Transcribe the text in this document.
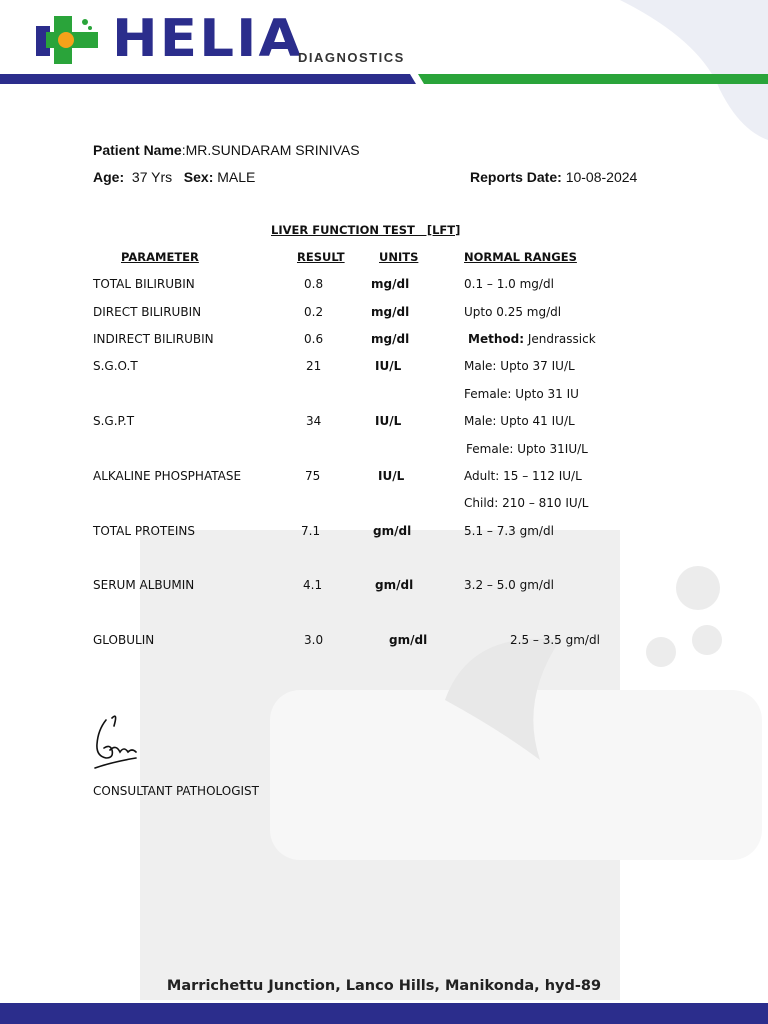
HELIA
DIAGNOSTICS
Patient Name:MR.SUNDARAM SRINIVAS
Age: 37 Yrs Sex: MALE	Reports Date: 10-08-2024
LIVER FUNCTION TEST   [LFT]
PARAMETER	RESULT	UNITS	NORMAL RANGES
TOTAL BILIRUBIN	0.8	mg/dl	0.1 – 1.0 mg/dl
DIRECT BILIRUBIN	0.2	mg/dl	Upto 0.25 mg/dl
INDIRECT BILIRUBIN	0.6	mg/dl	Method: Jendrassick
S.G.O.T	21	IU/L	Male: Upto 37 IU/L
Female: Upto 31 IU
S.G.P.T	34	IU/L	Male: Upto 41 IU/L
Female: Upto 31IU/L
ALKALINE PHOSPHATASE	75	IU/L	Adult: 15 – 112 IU/L
Child: 210 – 810 IU/L
TOTAL PROTEINS	7.1	gm/dl	5.1 – 7.3 gm/dl
SERUM ALBUMIN	4.1	gm/dl	3.2 – 5.0 gm/dl
GLOBULIN	3.0	gm/dl	2.5 – 3.5 gm/dl
CONSULTANT PATHOLOGIST
Marrichettu Junction, Lanco Hills, Manikonda, hyd-89
